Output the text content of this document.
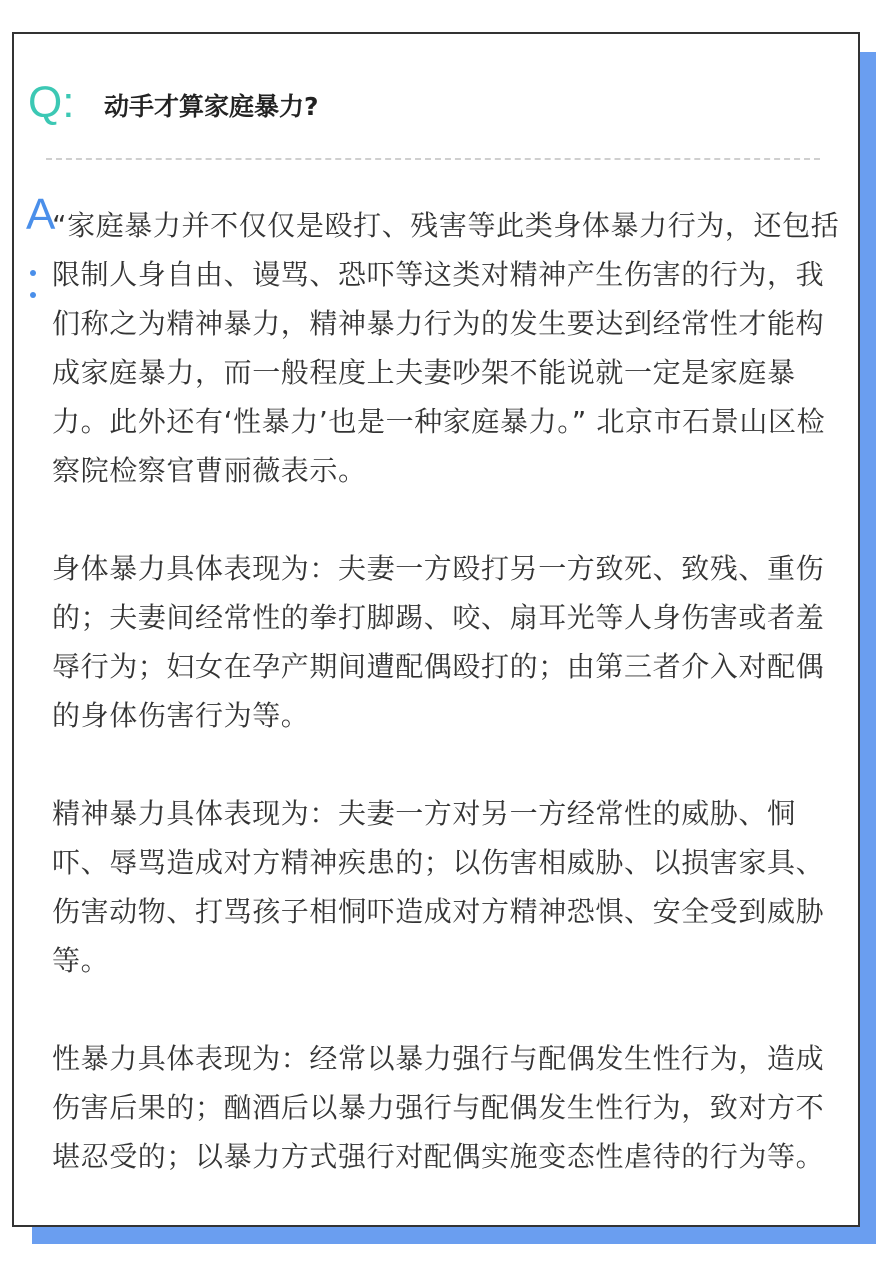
Q: 动手才算家庭暴力?
A

“家庭暴力并不仅仅是殴打、残害等此类身体暴力行为，还包括限制人身自由、谩骂、恐吓等这类对精神产生伤害的行为，我们称之为精神暴力，精神暴力行为的发生要达到经常性才能构成家庭暴力，而一般程度上夫妻吵架不能说就一定是家庭暴力。此外还有‘性暴力’也是一种家庭暴力。” 北京市石景山区检察院检察官曹丽薇表示。

身体暴力具体表现为：夫妻一方殴打另一方致死、致残、重伤的；夫妻间经常性的拳打脚踢、咬、扇耳光等人身伤害或者羞辱行为；妇女在孕产期间遭配偶殴打的；由第三者介入对配偶的身体伤害行为等。

精神暴力具体表现为：夫妻一方对另一方经常性的威胁、恫吓、辱骂造成对方精神疾患的；以伤害相威胁、以损害家具、伤害动物、打骂孩子相恫吓造成对方精神恐惧、安全受到威胁等。

性暴力具体表现为：经常以暴力强行与配偶发生性行为，造成伤害后果的；酗酒后以暴力强行与配偶发生性行为，致对方不堪忍受的；以暴力方式强行对配偶实施变态性虐待的行为等。
